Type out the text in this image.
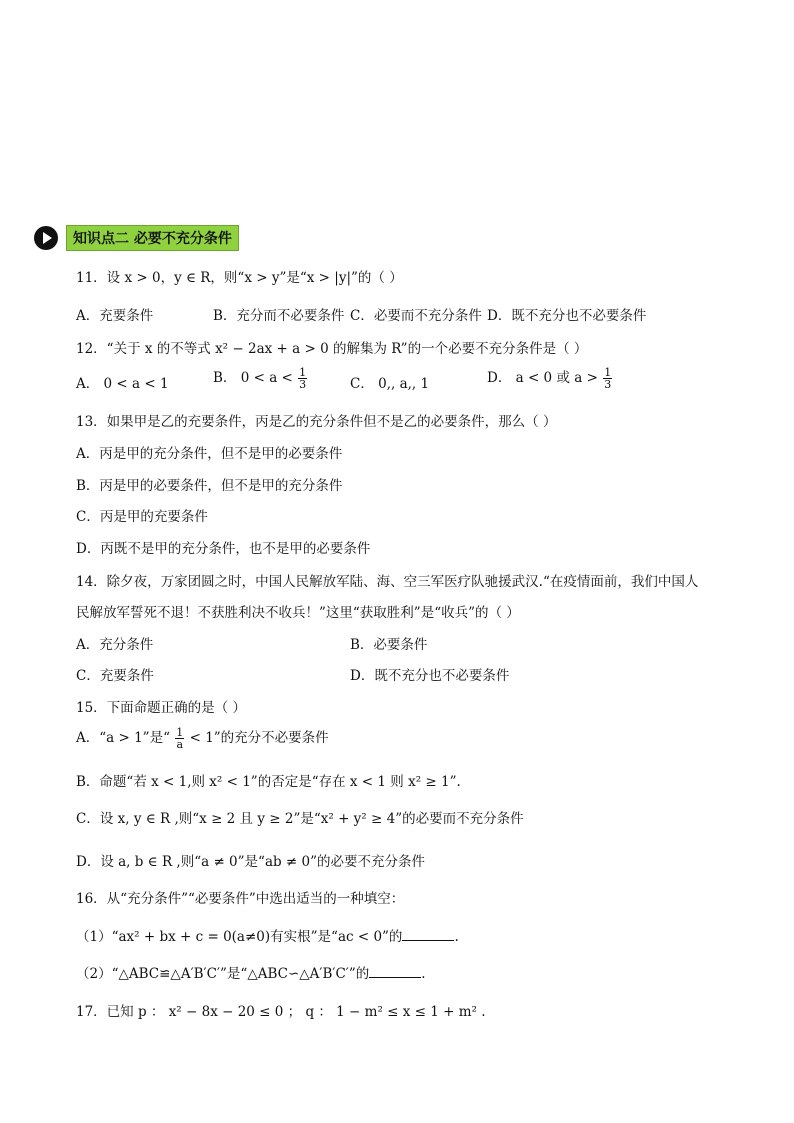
知识点二 必要不充分条件
11．设 x > 0，y ∈ R，则“x > y”是“x > |y|”的（ ）
A．充要条件	B．充分而不必要条件 C．必要而不充分条件 D．既不充分也不必要条件
12．“关于 x 的不等式 x² − 2ax + a > 0 的解集为 R”的一个必要不充分条件是（ ）
A． 0 < a < 1	B． $0 < a < \frac{1}{3}$	C． 0,, a,, 1	D． a < 0 或 $a > \frac{1}{3}$
13．如果甲是乙的充要条件，丙是乙的充分条件但不是乙的必要条件，那么（ ）
A．丙是甲的充分条件，但不是甲的必要条件
B．丙是甲的必要条件，但不是甲的充分条件
C．丙是甲的充要条件
D．丙既不是甲的充分条件，也不是甲的必要条件
14．除夕夜，万家团圆之时，中国人民解放军陆、海、空三军医疗队驰援武汉.“在疫情面前，我们中国人
民解放军誓死不退！不获胜利决不收兵！”这里“获取胜利”是“收兵”的（ ）
A．充分条件	B．必要条件
C．充要条件	D．既不充分也不必要条件
15．下面命题正确的是（ ）
A．“a > 1”是“ $\frac{1}{a} < 1$”的充分不必要条件
B．命题“若 x < 1,则 x² < 1”的否定是“存在 x < 1 则 x² ≥ 1”.
C．设 x, y ∈ R ,则“x ≥ 2 且 y ≥ 2”是“x² + y² ≥ 4”的必要而不充分条件
D．设 a, b ∈ R ,则“a ≠ 0”是“ab ≠ 0”的必要不充分条件
16．从“充分条件”“必要条件”中选出适当的一种填空：
（1）“ax² + bx + c = 0(a≠0)有实根”是“ac < 0”的	.
（2）“△ABC≌△A′B′C′”是“△ABC∽△A′B′C′”的	.
17．已知 p ： x² − 8x − 20 ≤ 0 ； q ： 1 − m² ≤ x ≤ 1 + m² .
